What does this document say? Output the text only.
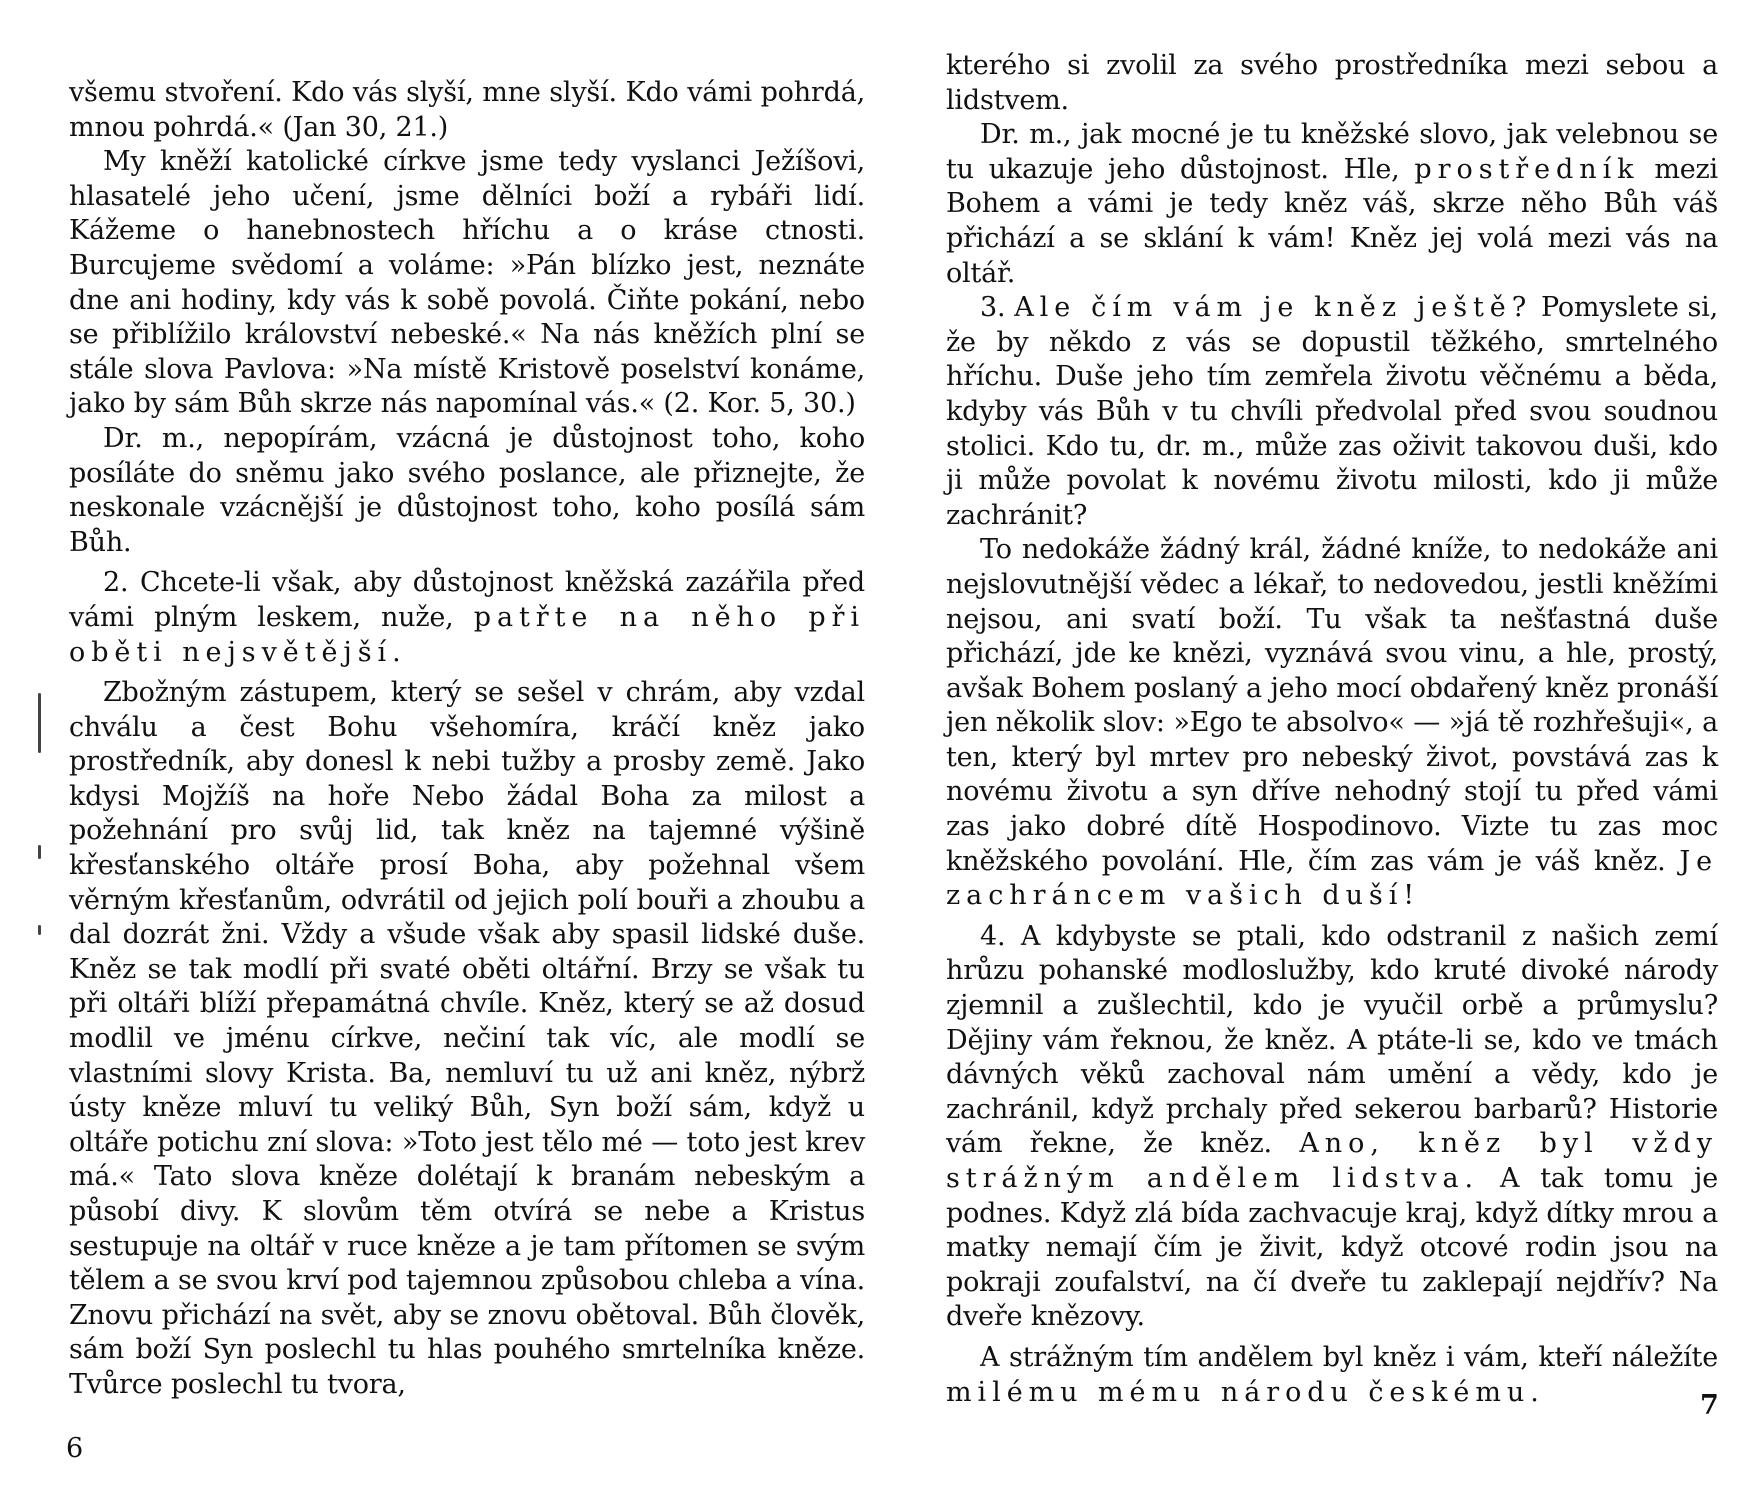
všemu stvoření. Kdo vás slyší, mne slyší. Kdo vámi pohrdá, mnou pohrdá.« (Jan 30, 21.)

My kněží katolické církve jsme tedy vyslanci Ježíšovi, hlasatelé jeho učení, jsme dělníci boží a rybáři lidí. Kážeme o hanebnostech hříchu a o kráse ctnosti. Burcujeme svědomí a voláme: »Pán blízko jest, neznáte dne ani hodiny, kdy vás k sobě povolá. Čiňte pokání, nebo se přiblížilo království nebeské.« Na nás kněžích plní se stále slova Pavlova: »Na místě Kristově poselství konáme, jako by sám Bůh skrze nás napomínal vás.« (2. Kor. 5, 30.)

Dr. m., nepopírám, vzácná je důstojnost toho, koho posíláte do sněmu jako svého poslance, ale přiznejte, že neskonale vzácnější je důstojnost toho, koho posílá sám Bůh.

2. Chcete-li však, aby důstojnost kněžská zazářila před vámi plným leskem, nuže, patřte na něho při oběti nejsvětější.

Zbožným zástupem, který se sešel v chrám, aby vzdal chválu a čest Bohu všehomíra, kráčí kněz jako prostředník, aby donesl k nebi tužby a prosby země. Jako kdysi Mojžíš na hoře Nebo žádal Boha za milost a požehnání pro svůj lid, tak kněz na tajemné výšině křesťanského oltáře prosí Boha, aby požehnal všem věrným křesťanům, odvrátil od jejich polí bouři a zhoubu a dal dozrát žni. Vždy a všude však aby spasil lidské duše. Kněz se tak modlí při svaté oběti oltářní. Brzy se však tu při oltáři blíží přepamátná chvíle. Kněz, který se až dosud modlil ve jménu církve, nečiní tak víc, ale modlí se vlastními slovy Krista. Ba, nemluví tu už ani kněz, nýbrž ústy kněze mluví tu veliký Bůh, Syn boží sám, když u oltáře potichu zní slova: »Toto jest tělo mé — toto jest krev má.« Tato slova kněze dolétají k branám nebeským a působí divy. K slovům těm otvírá se nebe a Kristus sestupuje na oltář v ruce kněze a je tam přítomen se svým tělem a se svou krví pod tajemnou způsobou chleba a vína. Znovu přichází na svět, aby se znovu obětoval. Bůh člověk, sám boží Syn poslechl tu hlas pouhého smrtelníka kněze. Tvůrce poslechl tu tvora,

6

kterého si zvolil za svého prostředníka mezi sebou a lidstvem.

Dr. m., jak mocné je tu kněžské slovo, jak velebnou se tu ukazuje jeho důstojnost. Hle, prostředník mezi Bohem a vámi je tedy kněz váš, skrze něho Bůh váš přichází a se sklání k vám! Kněz jej volá mezi vás na oltář.

3. Ale čím vám je kněz ještě? Pomyslete si, že by někdo z vás se dopustil těžkého, smrtelného hříchu. Duše jeho tím zemřela životu věčnému a běda, kdyby vás Bůh v tu chvíli předvolal před svou soudnou stolici. Kdo tu, dr. m., může zas oživit takovou duši, kdo ji může povolat k novému životu milosti, kdo ji může zachránit?

To nedokáže žádný král, žádné kníže, to nedokáže ani nejslovutnější vědec a lékař, to nedovedou, jestli kněžími nejsou, ani svatí boží. Tu však ta nešťastná duše přichází, jde ke knězi, vyznává svou vinu, a hle, prostý, avšak Bohem poslaný a jeho mocí obdařený kněz pronáší jen několik slov: »Ego te absolvo« — »já tě rozhřešuji«, a ten, který byl mrtev pro nebeský život, povstává zas k novému životu a syn dříve nehodný stojí tu před vámi zas jako dobré dítě Hospodinovo. Vizte tu zas moc kněžského povolání. Hle, čím zas vám je váš kněz. Je zachráncem vašich duší!

4. A kdybyste se ptali, kdo odstranil z našich zemí hrůzu pohanské modloslužby, kdo kruté divoké národy zjemnil a zušlechtil, kdo je vyučil orbě a průmyslu? Dějiny vám řeknou, že kněz. A ptáte-li se, kdo ve tmách dávných věků zachoval nám umění a vědy, kdo je zachránil, když prchaly před sekerou barbarů? Historie vám řekne, že kněz. Ano, kněz byl vždy strážným andělem lidstva. A tak tomu je podnes. Když zlá bída zachvacuje kraj, když dítky mrou a matky nemají čím je živit, když otcové rodin jsou na pokraji zoufalství, na čí dveře tu zaklepají nejdřív? Na dveře knězovy.

A strážným tím andělem byl kněz i vám, kteří náležíte milému mému národu českému.	7
